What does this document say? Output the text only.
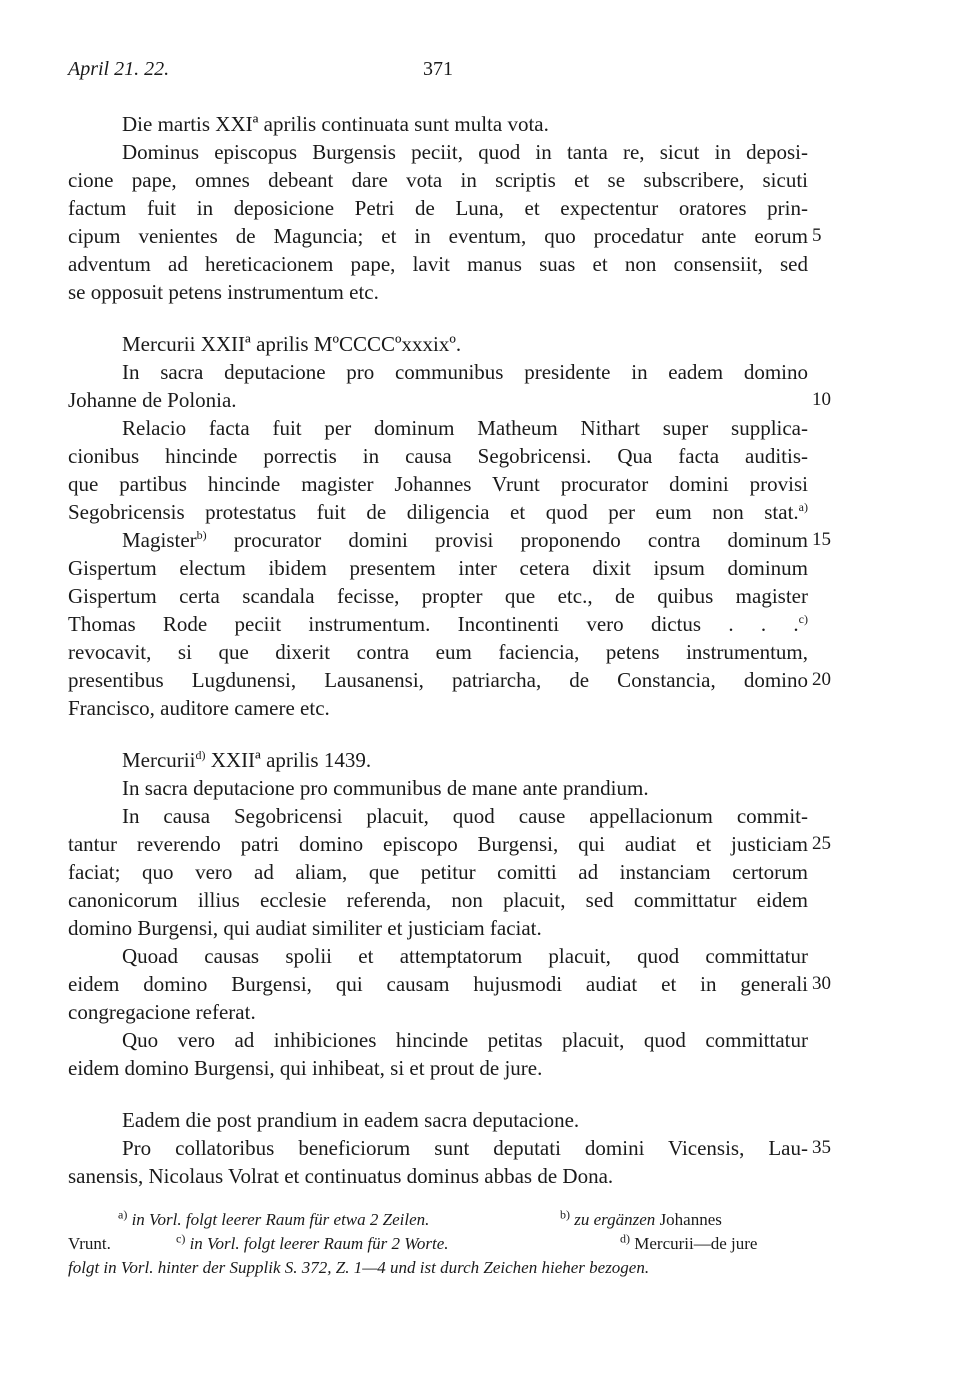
April 21. 22.	371
Die martis XXIª aprilis continuata sunt multa vota.
Dominus episcopus Burgensis peciit, quod in tanta re, sicut in deposi-
cione pape, omnes debeant dare vota in scriptis et se subscribere, sicuti
factum fuit in deposicione Petri de Luna, et expectentur oratores prin-
cipum venientes de Maguncia; et in eventum, quo procedatur ante eorum 5
adventum ad hereticacionem pape, lavit manus suas et non consensiit, sed
se opposuit petens instrumentum etc.
Mercurii XXIIª aprilis MºCCCCºxxxixº.
In sacra deputacione pro communibus presidente in eadem domino
Johanne de Polonia.	10
Relacio facta fuit per dominum Matheum Nithart super supplica-
cionibus hincinde porrectis in causa Segobricensi. Qua facta auditis-
que partibus hincinde magister Johannes Vrunt procurator domini provisi
Segobricensis protestatus fuit de diligencia et quod per eum non stat.$^{a)}$
Magister$^{b)}$ procurator domini provisi proponendo contra dominum 15
Gispertum electum ibidem presentem inter cetera dixit ipsum dominum
Gispertum certa scandala fecisse, propter que etc., de quibus magister
Thomas Rode peciit instrumentum. Incontinenti vero dictus . . .$^{c)}$
revocavit, si que dixerit contra eum faciencia, petens instrumentum,
presentibus Lugdunensi, Lausanensi, patriarcha, de Constancia, domino 20
Francisco, auditore camere etc.
Mercurii$^{d)}$ XXIIª aprilis 1439.
In sacra deputacione pro communibus de mane ante prandium.
In causa Segobricensi placuit, quod cause appellacionum commit-
tantur reverendo patri domino episcopo Burgensi, qui audiat et justiciam 25
faciat; quo vero ad aliam, que petitur comitti ad instanciam certorum
canonicorum illius ecclesie referenda, non placuit, sed committatur eidem
domino Burgensi, qui audiat similiter et justiciam faciat.
Quoad causas spolii et attemptatorum placuit, quod committatur
eidem domino Burgensi, qui causam hujusmodi audiat et in generali 30
congregacione referat.
Quo vero ad inhibiciones hincinde petitas placuit, quod committatur
eidem domino Burgensi, qui inhibeat, si et prout de jure.
Eadem die post prandium in eadem sacra deputacione.
Pro collatoribus beneficiorum sunt deputati domini Vicensis, Lau- 35
sanensis, Nicolaus Volrat et continuatus dominus abbas de Dona.
$^{a)}$ in Vorl. folgt leerer Raum für etwa 2 Zeilen.	$^{b)}$ zu ergänzen Johannes
Vrunt.	$^{c)}$ in Vorl. folgt leerer Raum für 2 Worte.	$^{d)}$ Mercurii—de jure
folgt in Vorl. hinter der Supplik S. 372, Z. 1—4 und ist durch Zeichen hieher bezogen.
